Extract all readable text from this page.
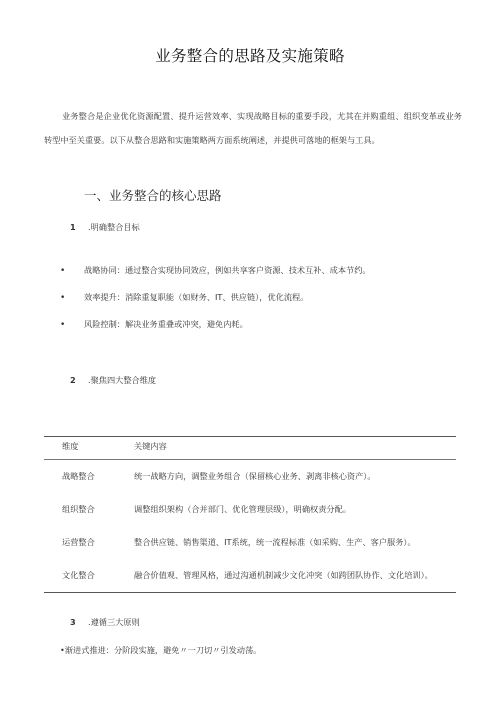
业务整合的思路及实施策略
业务整合是企业优化资源配置、提升运营效率、实现战略目标的重要手段，尤其在并购重组、组织变革或业务转型中至关重要。以下从整合思路和实施策略两方面系统阐述，并提供可落地的框架与工具。
一、业务整合的核心思路
1 .明确整合目标
• 战略协同：通过整合实现协同效应，例如共享客户资源、技术互补、成本节约。
• 效率提升：消除重复职能（如财务、IT、供应链），优化流程。
• 风险控制：解决业务重叠或冲突，避免内耗。
2 .聚焦四大整合维度
维度	关键内容
战略整合	统一战略方向，调整业务组合（保留核心业务、剥离非核心资产）。
组织整合	调整组织架构（合并部门、优化管理层级），明确权责分配。
运营整合	整合供应链、销售渠道、IT系统，统一流程标准（如采购、生产、客户服务）。
文化整合	融合价值观、管理风格，通过沟通机制减少文化冲突（如跨团队协作、文化培训）。
3 .遵循三大原则
•渐进式推进：分阶段实施，避免〃一刀切〃引发动荡。
